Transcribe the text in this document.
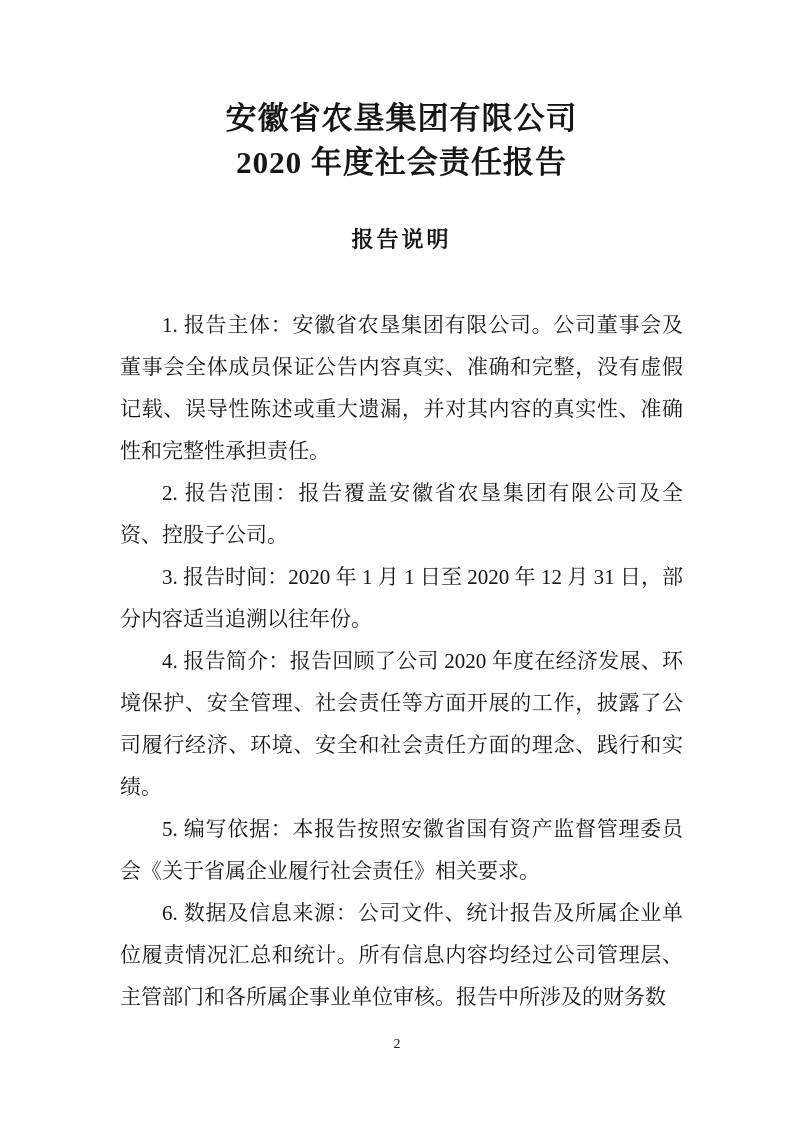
安徽省农垦集团有限公司
2020 年度社会责任报告
报告说明

1. 报告主体：安徽省农垦集团有限公司。公司董事会及董事会全体成员保证公告内容真实、准确和完整，没有虚假记载、误导性陈述或重大遗漏，并对其内容的真实性、准确性和完整性承担责任。

2. 报告范围：报告覆盖安徽省农垦集团有限公司及全资、控股子公司。

3. 报告时间：2020 年 1 月 1 日至 2020 年 12 月 31 日，部分内容适当追溯以往年份。

4. 报告简介：报告回顾了公司 2020 年度在经济发展、环境保护、安全管理、社会责任等方面开展的工作，披露了公司履行经济、环境、安全和社会责任方面的理念、践行和实绩。

5. 编写依据：本报告按照安徽省国有资产监督管理委员会《关于省属企业履行社会责任》相关要求。

6. 数据及信息来源：公司文件、统计报告及所属企业单位履责情况汇总和统计。所有信息内容均经过公司管理层、主管部门和各所属企事业单位审核。报告中所涉及的财务数

2
